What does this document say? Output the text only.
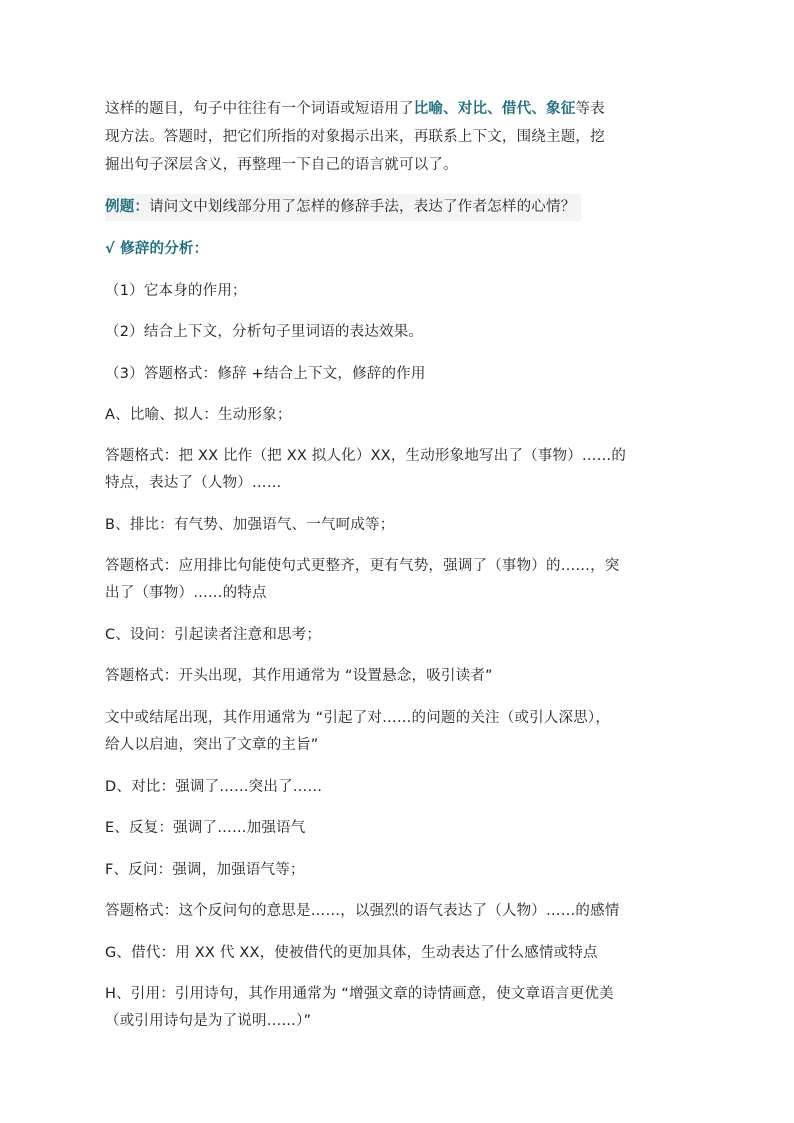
这样的题目，句子中往往有一个词语或短语用了比喻、对比、借代、象征等表

现方法。答题时，把它们所指的对象揭示出来，再联系上下文，围绕主题，挖

掘出句子深层含义，再整理一下自己的语言就可以了。

例题：请问文中划线部分用了怎样的修辞手法，表达了作者怎样的心情？

√ 修辞的分析：

（1）它本身的作用；

（2）结合上下文，分析句子里词语的表达效果。

（3）答题格式：修辞 +结合上下文，修辞的作用

A、比喻、拟人：生动形象；

答题格式：把 XX 比作（把 XX 拟人化）XX，生动形象地写出了（事物）……的

特点，表达了（人物）……

B、排比：有气势、加强语气、一气呵成等；

答题格式：应用排比句能使句式更整齐，更有气势，强调了（事物）的……，突

出了（事物）……的特点

C、设问：引起读者注意和思考；

答题格式：开头出现，其作用通常为 “设置悬念，吸引读者”

文中或结尾出现，其作用通常为 “引起了对……的问题的关注（或引人深思），

给人以启迪，突出了文章的主旨”

D、对比：强调了……突出了……

E、反复：强调了……加强语气

F、反问：强调，加强语气等；

答题格式：这个反问句的意思是……，以强烈的语气表达了（人物）……的感情

G、借代：用 XX 代 XX，使被借代的更加具体，生动表达了什么感情或特点

H、引用：引用诗句，其作用通常为 “增强文章的诗情画意，使文章语言更优美

（或引用诗句是为了说明……）”
